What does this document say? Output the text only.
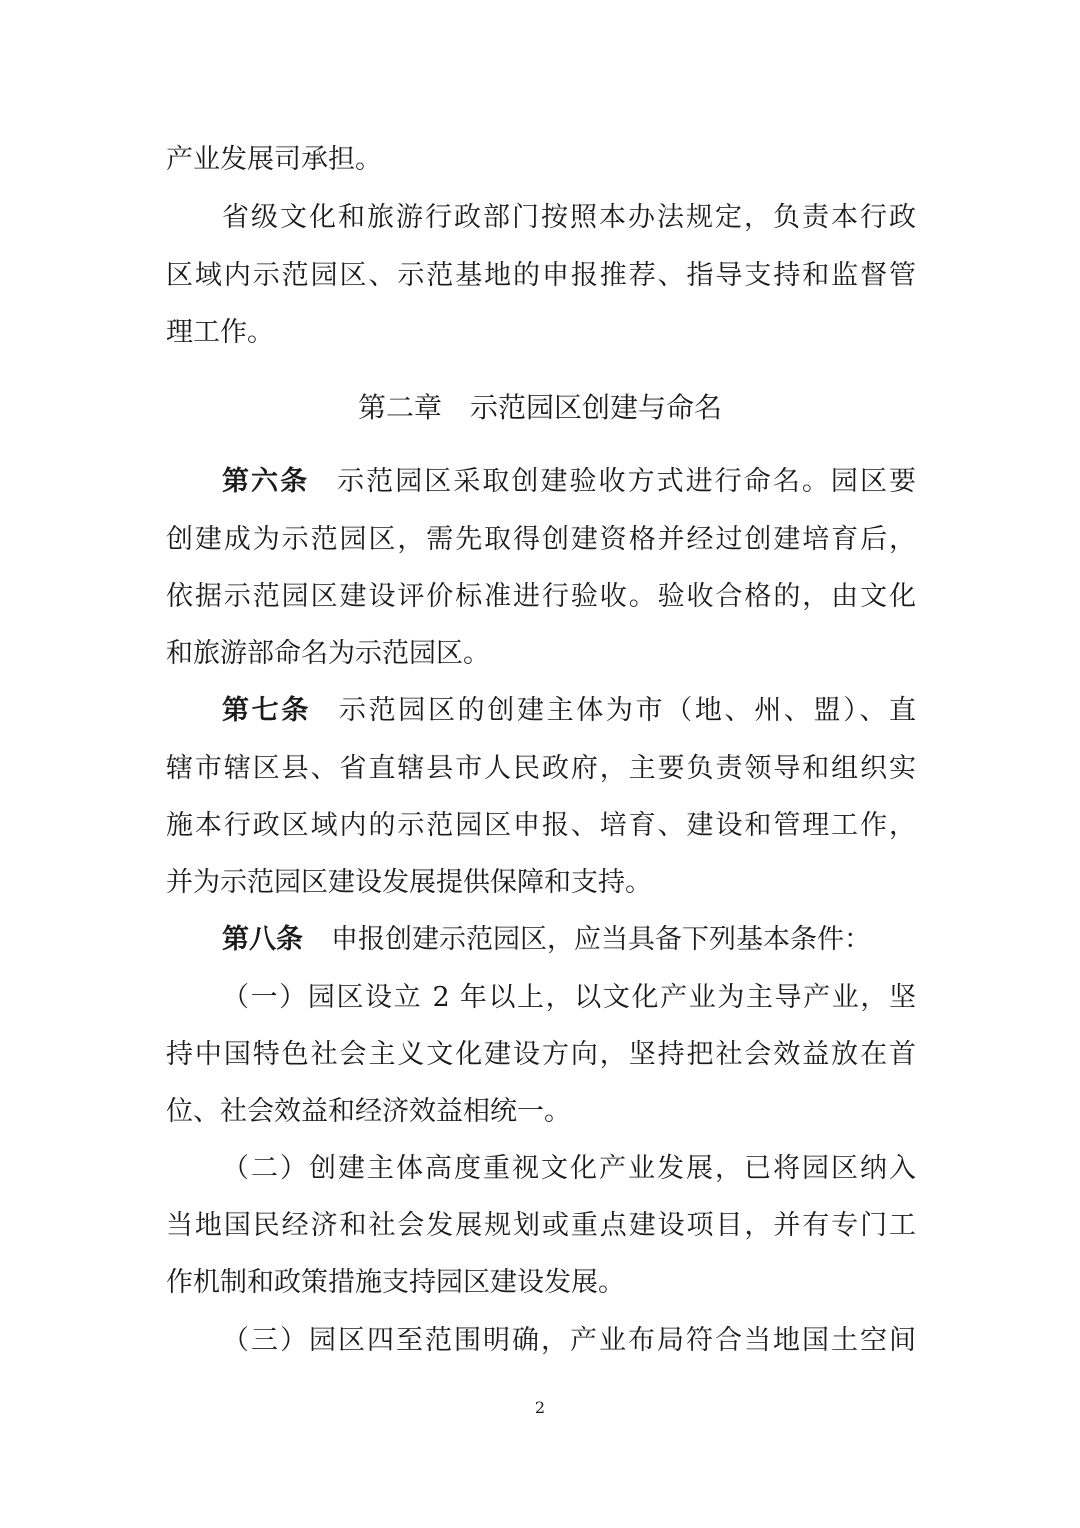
产业发展司承担。
省级文化和旅游行政部门按照本办法规定，负责本行政
区域内示范园区、示范基地的申报推荐、指导支持和监督管
理工作。
第二章　示范园区创建与命名
第六条 示范园区采取创建验收方式进行命名。园区要
创建成为示范园区，需先取得创建资格并经过创建培育后，
依据示范园区建设评价标准进行验收。验收合格的，由文化
和旅游部命名为示范园区。
第七条 示范园区的创建主体为市（地、州、盟）、直
辖市辖区县、省直辖县市人民政府，主要负责领导和组织实
施本行政区域内的示范园区申报、培育、建设和管理工作，
并为示范园区建设发展提供保障和支持。
第八条 申报创建示范园区，应当具备下列基本条件：
（一）园区设立 2 年以上，以文化产业为主导产业，坚
持中国特色社会主义文化建设方向，坚持把社会效益放在首
位、社会效益和经济效益相统一。
（二）创建主体高度重视文化产业发展，已将园区纳入
当地国民经济和社会发展规划或重点建设项目，并有专门工
作机制和政策措施支持园区建设发展。
（三）园区四至范围明确，产业布局符合当地国土空间
2
